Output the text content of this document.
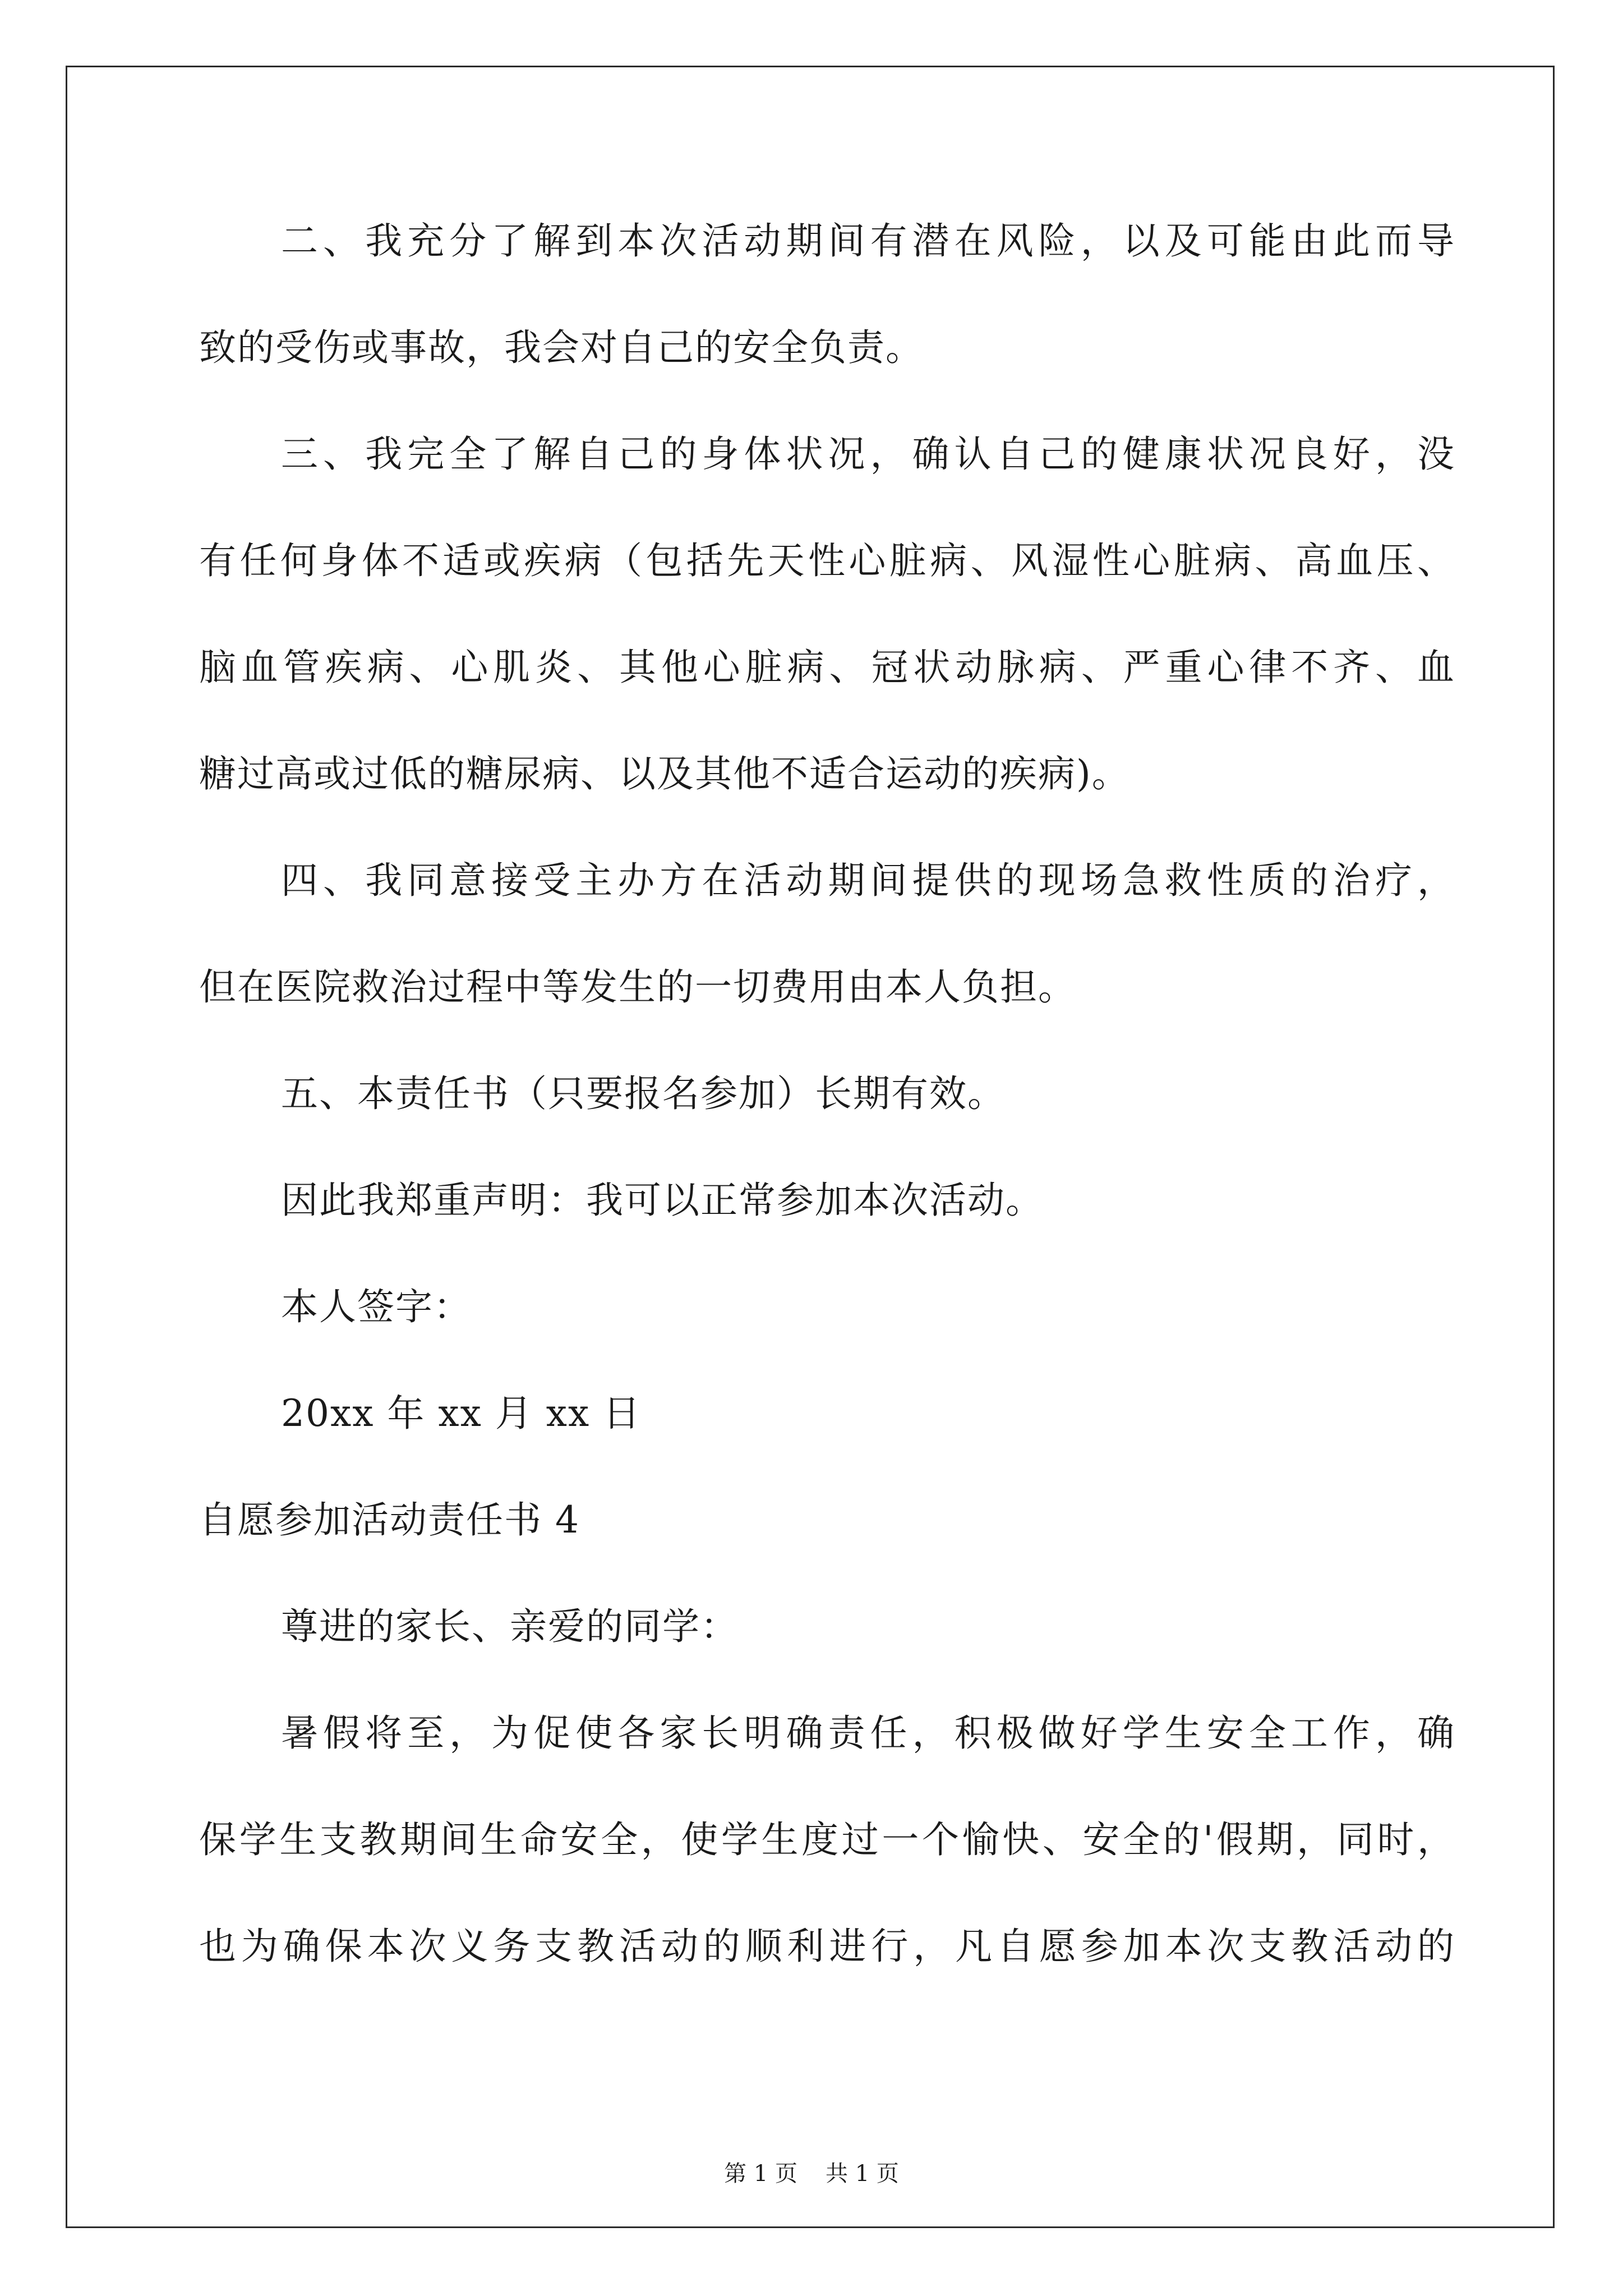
二、我充分了解到本次活动期间有潜在风险，以及可能由此而导
致的受伤或事故，我会对自己的安全负责。
三、我完全了解自己的身体状况，确认自己的健康状况良好，没
有任何身体不适或疾病（包括先天性心脏病、风湿性心脏病、高血压、
脑血管疾病、心肌炎、其他心脏病、冠状动脉病、严重心律不齐、血
糖过高或过低的糖尿病、以及其他不适合运动的疾病)。
四、我同意接受主办方在活动期间提供的现场急救性质的治疗，
但在医院救治过程中等发生的一切费用由本人负担。
五、本责任书（只要报名参加）长期有效。
因此我郑重声明：我可以正常参加本次活动。
本人签字：
20xx 年 xx 月 xx 日
自愿参加活动责任书 4
尊进的家长、亲爱的同学：
暑假将至，为促使各家长明确责任，积极做好学生安全工作，确
保学生支教期间生命安全，使学生度过一个愉快、安全的'假期，同时，
也为确保本次义务支教活动的顺利进行，凡自愿参加本次支教活动的
第 1 页 共 1 页
